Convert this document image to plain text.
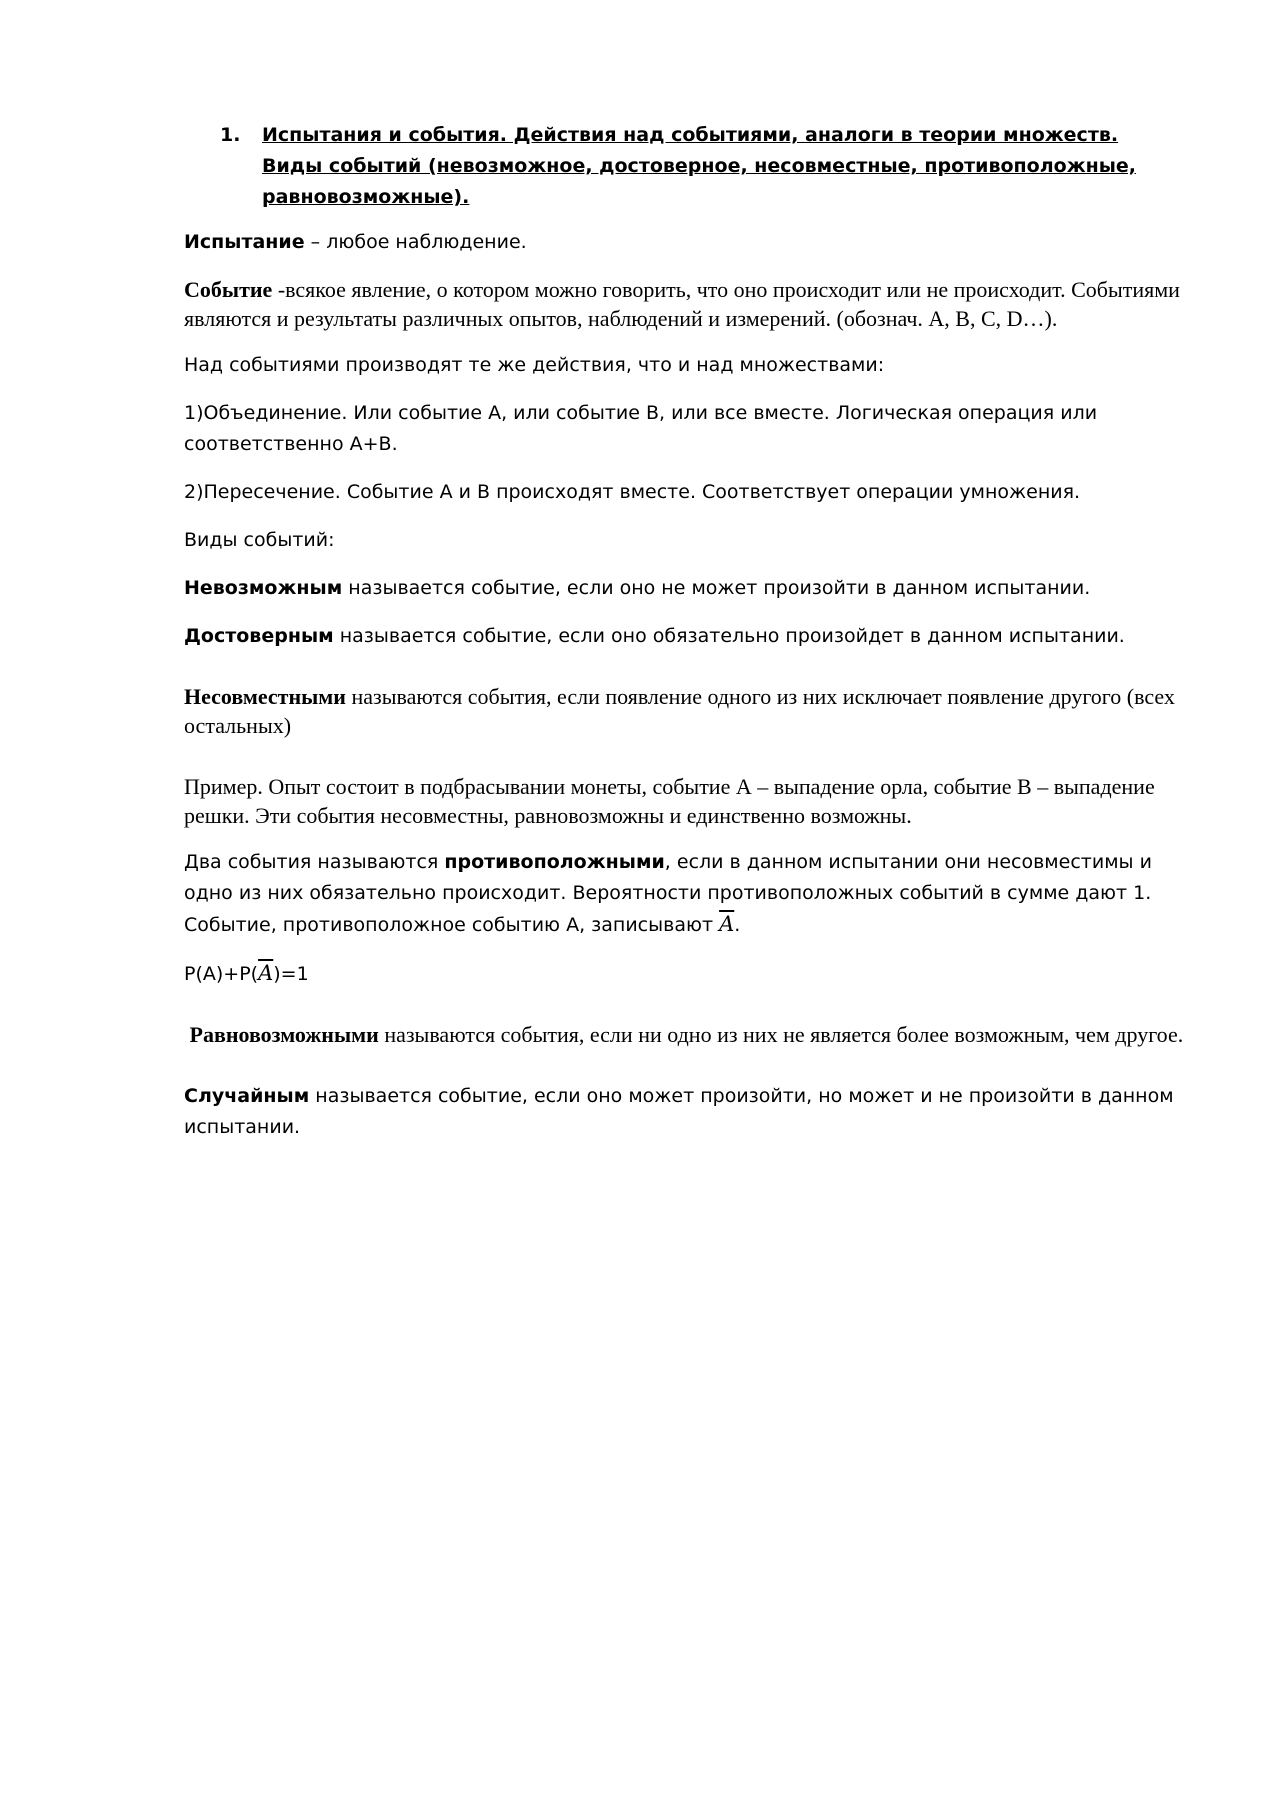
1.	Испытания и события. Действия над событиями, аналоги в теории множеств. Виды событий (невозможное, достоверное, несовместные, противоположные, равновозможные).

Испытание – любое наблюдение.

Событие -всякое явление, о котором можно говорить, что оно происходит или не происходит. Событиями являются и результаты различных опытов, наблюдений и измерений. (обознач. A, B, C, D…).

Над событиями производят те же действия, что и над множествами:

1)Объединение. Или событие А, или событие В, или все вместе. Логическая операция или соответственно А+В.

2)Пересечение. Событие А и В происходят вместе. Соответствует операции умножения.

Виды событий:

Невозможным называется событие, если оно не может произойти в данном испытании.

Достоверным называется событие, если оно обязательно произойдет в данном испытании.

Несовместными называются события, если появление одного из них исключает появление другого (всех остальных)

Пример. Опыт состоит в подбрасывании монеты, событие А – выпадение орла, событие В – выпадение решки. Эти события несовместны, равновозможны и единственно возможны.

Два события называются противоположными, если в данном испытании они несовместимы и одно из них обязательно происходит. Вероятности противоположных событий в сумме дают 1. Событие, противоположное событию А, записывают $\overline{A}$.

$P(A)+P(\overline{A})=1$

Равновозможными называются события, если ни одно из них не является более возможным, чем другое.

Случайным называется событие, если оно может произойти, но может и не произойти в данном испытании.
